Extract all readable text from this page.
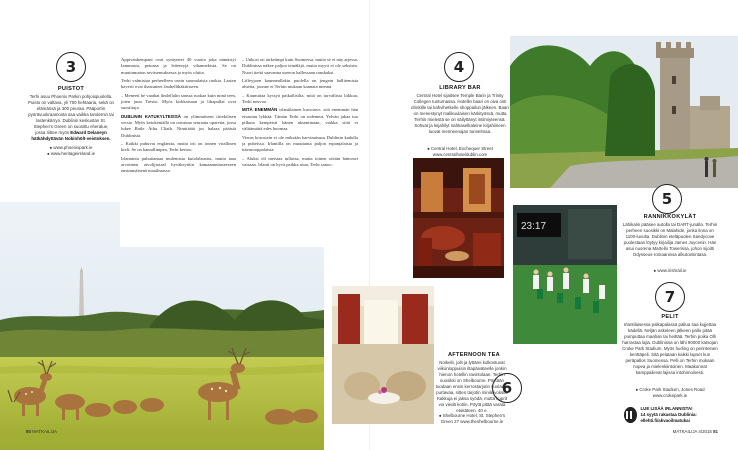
3
PUISTOT
Terhi asuu Phoenix Parkin pohjoispuolella. Puisto on valtava, yli 700 hehtaaria, sekä on elämänsä ja 300 peuraa. Pääportin pyörävuokraamosta saa vaikka tandemin tai lastenkärryn. Dublinin keskustan St. Stephen's Green on suosittu eheraluе, jossa riittee myös Edward Delaneyn hätkähdyttävän Nobinhölt-veistoksen.
● www.phoenixpark.ie
● www.heritageireland.ie

Appivanhempani ovat syntyneet 40 vuotta joka nämästyi Iammasta, petunsa ja leitentyjä vihannekista. Se on muuttumaton ravitsemuksessa ja myös oluita.

Terhi valmistaa perheelleen usein suomalaisia ruokia. Lasten kaverit ovat ihastuneet Jaubellihakittiseen.

– Meneeti he vaathat ilmlellalin sanssa ruokaa kuin minä teen, joten juun Trestsi. Myös kirkkaisaan ja lihapullat ovat suosittuja.

DUBLININ KATUKYLTEISSÄ on ylimmäiseni tirtekilisen versio. Myös ketokentällä on ouvauna seuraata oparetta, jossa lukee Baile Átha Cliath. Nimitätää jos halaaa pääistä Dublinista.

– Kaikki puhuvat englantia, mutta irti on toinen virallinen kieli. Se on kamallimpea, Terhi kertoo.

Irlanninta puhuttamaa mulemista kutolalausiss, mutta taaa arvotmen aivolijtotaal hyväksyttiin kamaamnitaseeseen ensimmäisenä maailmassa.

– Unkosi on tärkeämpi kuin Suomessa, mutta se ei näy arjessa. Dublinissa näkee paljon teinäläjä, mutta myyti ei ole seksisin. Nuori tiettä saavanna useeon hallessaan ranskaksi.

Liffeyjoen kaunneallakin puolella on jengein hallitemista aluetta, joonne ei Terhin mukaan kannata mennä.

– Kaunuttaa kyssyä paikallisilta, mitä on turvallista liikkua, Terhi neuvoo.

MITÄ ENEMMÄN irlantilainen kuvotuve, sitä enemmän hän eisautuu lykkää. Tämän Terhi on todennut. Yelvän jakaa tuo pilkuta kempeisti hänen aksentinaan, vaikka siitä ei välttämättä edes huomaa.

Vieras korostein ei ole miksään harvinaisuus Dublinin kadulla ja pubeissa. Irlantilla on muuttanut paljon espanjalaisia ja itäeurooppalaisia.

– Aluksi oli meistaa tullassa, mutta toinen oöttän hämoset vaisaan. Irlanti on hyvä paikka asua, Terhi sanoo.

80 MATKAILIJA
4
LIBRARY BAR
Central Hotel sijaitsee Temple Barin ja Trinity Collegen tuntumassa. Hotellin baari on oiva osti drinkille tai kahvihetkelle shoppailun jälkeen. Baari on menestynyt malikuulaisen kärkityössä, mutta Terhin mielestä se on säilyttänyt intiimiyteensä. Sohvat ja leijahilyt nahkaselkaleine kirjahiineen luovat menneenajan tunnelmaa.
● Central Hotel, Exchequer Street www.centralhoteldublin.com
23:17
6
AFTERNOON TEA
Noikelit, joilt ja lyttärei kolkostuvat viikonloppuisin iltapäiväteelle jonkin hienon hotellin ravintolaan. Terhin suosikki on Shelbourne. Pöytään tuodaan ensin kerrostarjotin suolaisia purtavaa, sitten tarjotin minileivoksia. Kakkuja ei jaksa syödä, mutta kuprit voi viedä kotiin. Pöytä pitää varata etukäteen. 40 e.
● Shelbourne Hotel, St. Stephen's Green 27 www.theshelbourne.ie
5
RANNIKKOKYLÄT
Lähikalin pääsee autolla tai DART-junalla. Terhin perheen suosikki on Malahide, jonka linna on 1100-luvulta. Dublinin eteläpuolen Sandycove puolestaan löytyy kirjailija James Joycenin. Hän asui nuorena Martello Towerissa, johon sijoitti Odysseus-romaaninsa alkutoimintasa.
● www.irishrail.ie
7
PELIT
Irlantilaisessa palkapalassa pallua saa kujjettaa kädellä. Neljän askeleen jälkeen pallo pitää pomputtaa maahan tai heittää. Terhin poika Olli harrastaa lajia. Dublinissa on lähi 90000 katsojan Croke Park Stadium. Myös hurling on perinteinen kenttäpeli. Sitä pelataan kaikki lapset kun peräpallos Suomessa. Pelli on Terhin mukaan nopea ja mielenkiintoinen. Maakunnat kamppailevat lajissa intohimoisesti.
● Croke Park Stadium, Jones Road www.crokepark.ie
LUE LISÄÄ IRLANNISTA!
14 syytä rakastaa Dublinia: ellehti.fi/akvaoilmatukai
MATKAILIJA 4/2015 81
